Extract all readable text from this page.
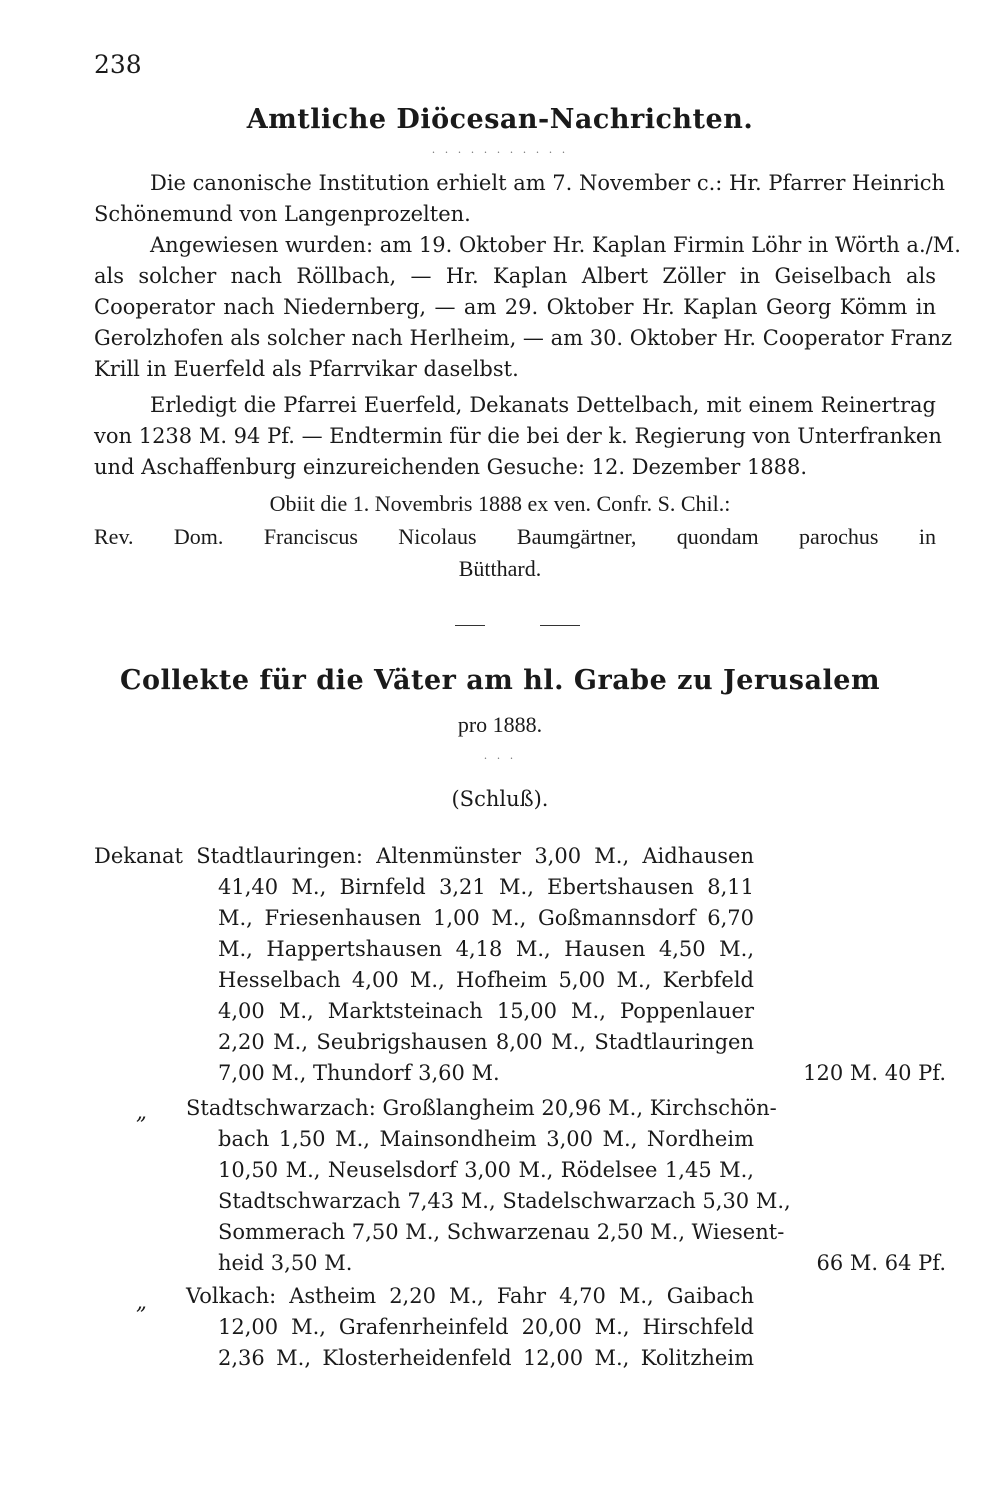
238
Amtliche Diöcesan-Nachrichten.
· · · · · · · · · · ·
Die canonische Institution erhielt am 7. November c.: Hr. Pfarrer Heinrich
Schönemund von Langenprozelten.
Angewiesen wurden: am 19. Oktober Hr. Kaplan Firmin Löhr in Wörth a./M.
als solcher nach Röllbach, — Hr. Kaplan Albert Zöller in Geiselbach als
Cooperator nach Niedernberg, — am 29. Oktober Hr. Kaplan Georg Kömm in
Gerolzhofen als solcher nach Herlheim, — am 30. Oktober Hr. Cooperator Franz
Krill in Euerfeld als Pfarrvikar daselbst.
Erledigt die Pfarrei Euerfeld, Dekanats Dettelbach, mit einem Reinertrag
von 1238 M. 94 Pf. — Endtermin für die bei der k. Regierung von Unterfranken
und Aschaffenburg einzureichenden Gesuche: 12. Dezember 1888.
Obiit die 1. Novembris 1888 ex ven. Confr. S. Chil.:
Rev. Dom. Franciscus Nicolaus Baumgärtner, quondam parochus in
Bütthard.
Collekte für die Väter am hl. Grabe zu Jerusalem
pro 1888.
· · ·
(Schluß).
Dekanat Stadtlauringen: Altenmünster 3,00 M., Aidhausen
41,40 M., Birnfeld 3,21 M., Ebertshausen 8,11
M., Friesenhausen 1,00 M., Goßmannsdorf 6,70
M., Happertshausen 4,18 M., Hausen 4,50 M.,
Hesselbach 4,00 M., Hofheim 5,00 M., Kerbfeld
4,00 M., Marktsteinach 15,00 M., Poppenlauer
2,20 M., Seubrigshausen 8,00 M., Stadtlauringen
7,00 M., Thundorf 3,60 M.	120 M. 40 Pf.
„ Stadtschwarzach: Großlangheim 20,96 M., Kirchschön-
bach 1,50 M., Mainsondheim 3,00 M., Nordheim
10,50 M., Neuselsdorf 3,00 M., Rödelsee 1,45 M.,
Stadtschwarzach 7,43 M., Stadelschwarzach 5,30 M.,
Sommerach 7,50 M., Schwarzenau 2,50 M., Wiesent-
heid 3,50 M.	66 M. 64 Pf.
„ Volkach: Astheim 2,20 M., Fahr 4,70 M., Gaibach
12,00 M., Grafenrheinfeld 20,00 M., Hirschfeld
2,36 M., Klosterheidenfeld 12,00 M., Kolitzheim
